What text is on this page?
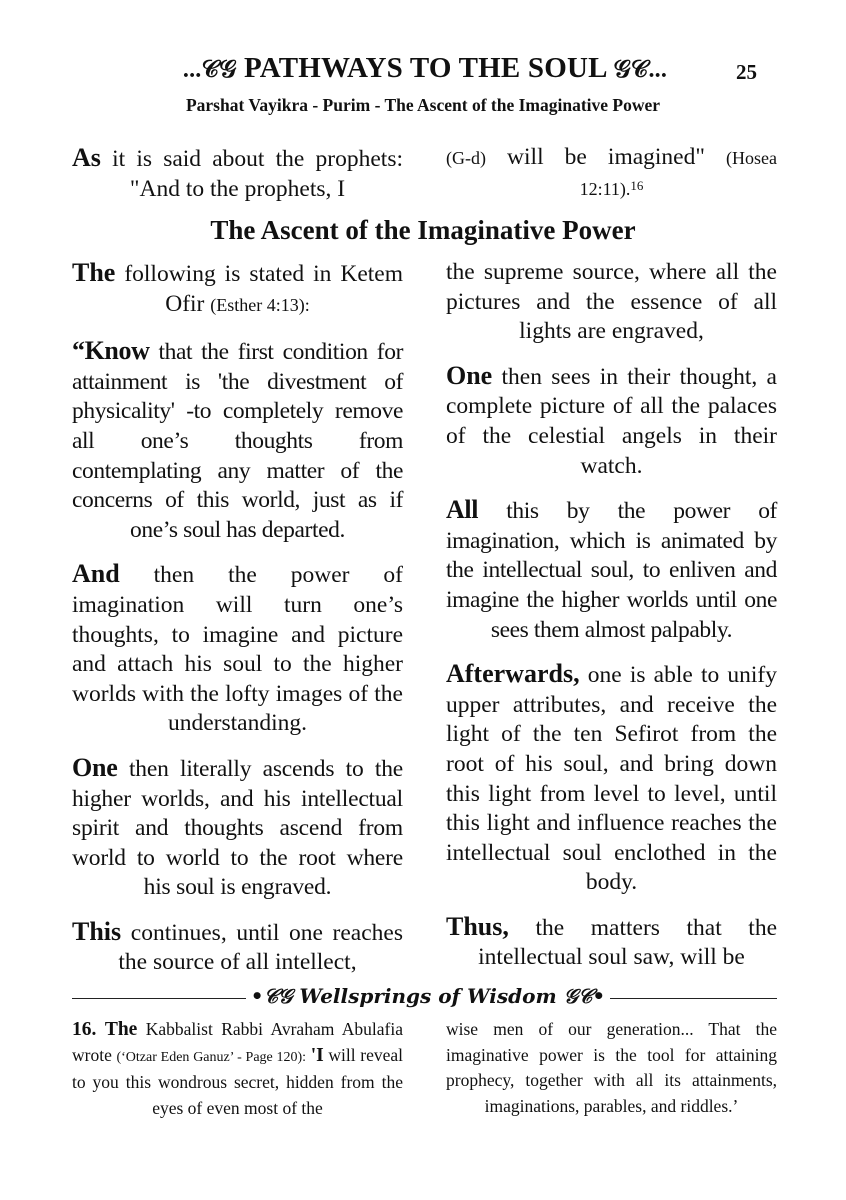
...𝒞𝒢 PATHWAYS TO THE SOUL 𝒢𝒞...	25
Parshat Vayikra - Purim - The Ascent of the Imaginative Power

As it is said about the prophets: "And to the prophets, I

(G-d) will be imagined" (Hosea 12:11).$^{16}$

The Ascent of the Imaginative Power

The following is stated in Ketem Ofir (Esther 4:13):

“Know that the first condition for attainment is 'the divestment of physicality' -to completely remove all one’s thoughts from contemplating any matter of the concerns of this world, just as if one’s soul has departed.

And then the power of imagination will turn one’s thoughts, to imagine and picture and attach his soul to the higher worlds with the lofty images of the understanding.

One then literally ascends to the higher worlds, and his intellectual spirit and thoughts ascend from world to world to the root where his soul is engraved.

This continues, until one reaches the source of all intellect,

the supreme source, where all the pictures and the essence of all lights are engraved,

One then sees in their thought, a complete picture of all the palaces of the celestial angels in their watch.

All this by the power of imagination, which is animated by the intellectual soul, to enliven and imagine the higher worlds until one sees them almost palpably.

Afterwards, one is able to unify upper attributes, and receive the light of the ten Sefirot from the root of his soul, and bring down this light from level to level, until this light and influence reaches the intellectual soul enclothed in the body.

Thus, the matters that the intellectual soul saw, will be

•𝒞𝒢 Wellsprings of Wisdom 𝒢𝒞•

16. The Kabbalist Rabbi Avraham Abulafia wrote (‘Otzar Eden Ganuz’ - Page 120): 'I will reveal to you this wondrous secret, hidden from the eyes of even most of the

wise men of our generation... That the imaginative power is the tool for attaining prophecy, together with all its attainments, imaginations, parables, and riddles.’
